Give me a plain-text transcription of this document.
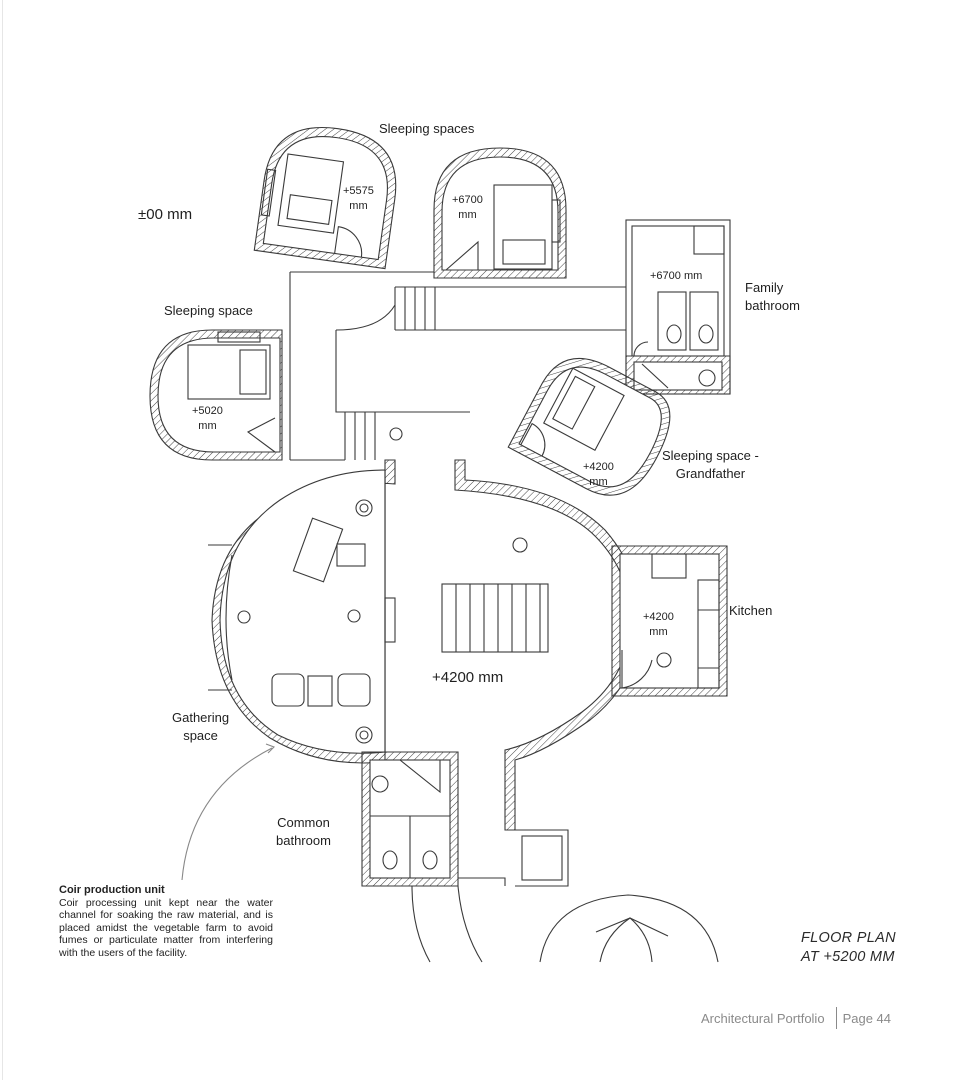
±00 mm
Sleeping spaces
Sleeping space
Family
bathroom
Sleeping space -
Grandfather
Kitchen
Gathering
space
Common
bathroom
+5575
mm	+6700
mm
+5020
mm
+6700 mm
+4200
mm
+4200
mm
+4200 mm
Coir production unit
Coir processing unit kept near the water channel for soaking the raw material, and is placed amidst the vegetable farm to avoid fumes or particulate matter from interfering with the users of the facility.
FLOOR PLAN
AT +5200 MM
Architectural Portfolio Page 44
